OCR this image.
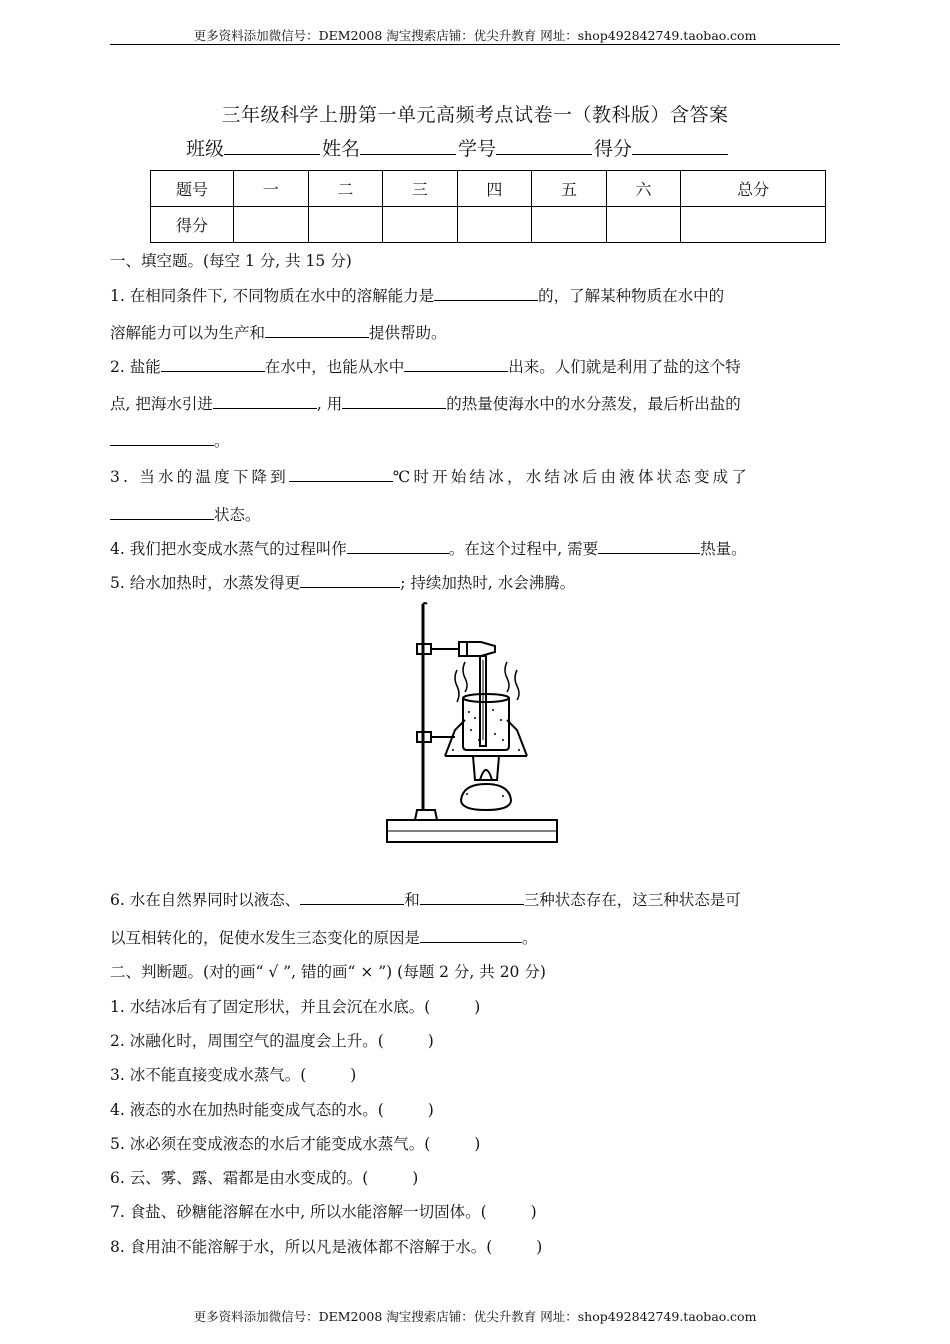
更多资料添加微信号：DEM2008 淘宝搜索店铺：优尖升教育 网址：shop492842749.taobao.com
三年级科学上册第一单元高频考点试卷一（教科版）含答案
班级	姓名	学号	得分
题号	一	二	三	四	五	六	总分
得分							
一、填空题。(每空 1 分, 共 15 分)
1. 在相同条件下, 不同物质在水中的溶解能力是	的，了解某种物质在水中的
溶解能力可以为生产和	提供帮助。
2. 盐能	在水中，也能从水中	出来。人们就是利用了盐的这个特
点, 把海水引进	, 用	的热量使海水中的水分蒸发，最后析出盐的
。
3. 当水的温度下降到	℃时开始结冰，水结冰后由液体状态变成了
状态。
4. 我们把水变成水蒸气的过程叫作	。在这个过程中, 需要	热量。
5. 给水加热时，水蒸发得更	; 持续加热时, 水会沸腾。
6. 水在自然界同时以液态、	和	三种状态存在，这三种状态是可
以互相转化的，促使水发生三态变化的原因是	。
二、判断题。(对的画“ √ ”, 错的画“ × ”) (每题 2 分, 共 20 分)
1. 水结冰后有了固定形状，并且会沉在水底。(	)
2. 冰融化时，周围空气的温度会上升。(	)
3. 冰不能直接变成水蒸气。(	)
4. 液态的水在加热时能变成气态的水。(	)
5. 冰必须在变成液态的水后才能变成水蒸气。(	)
6. 云、雾、露、霜都是由水变成的。(	)
7. 食盐、砂糖能溶解在水中, 所以水能溶解一切固体。(	)
8. 食用油不能溶解于水，所以凡是液体都不溶解于水。(	)
更多资料添加微信号：DEM2008 淘宝搜索店铺：优尖升教育 网址：shop492842749.taobao.com
